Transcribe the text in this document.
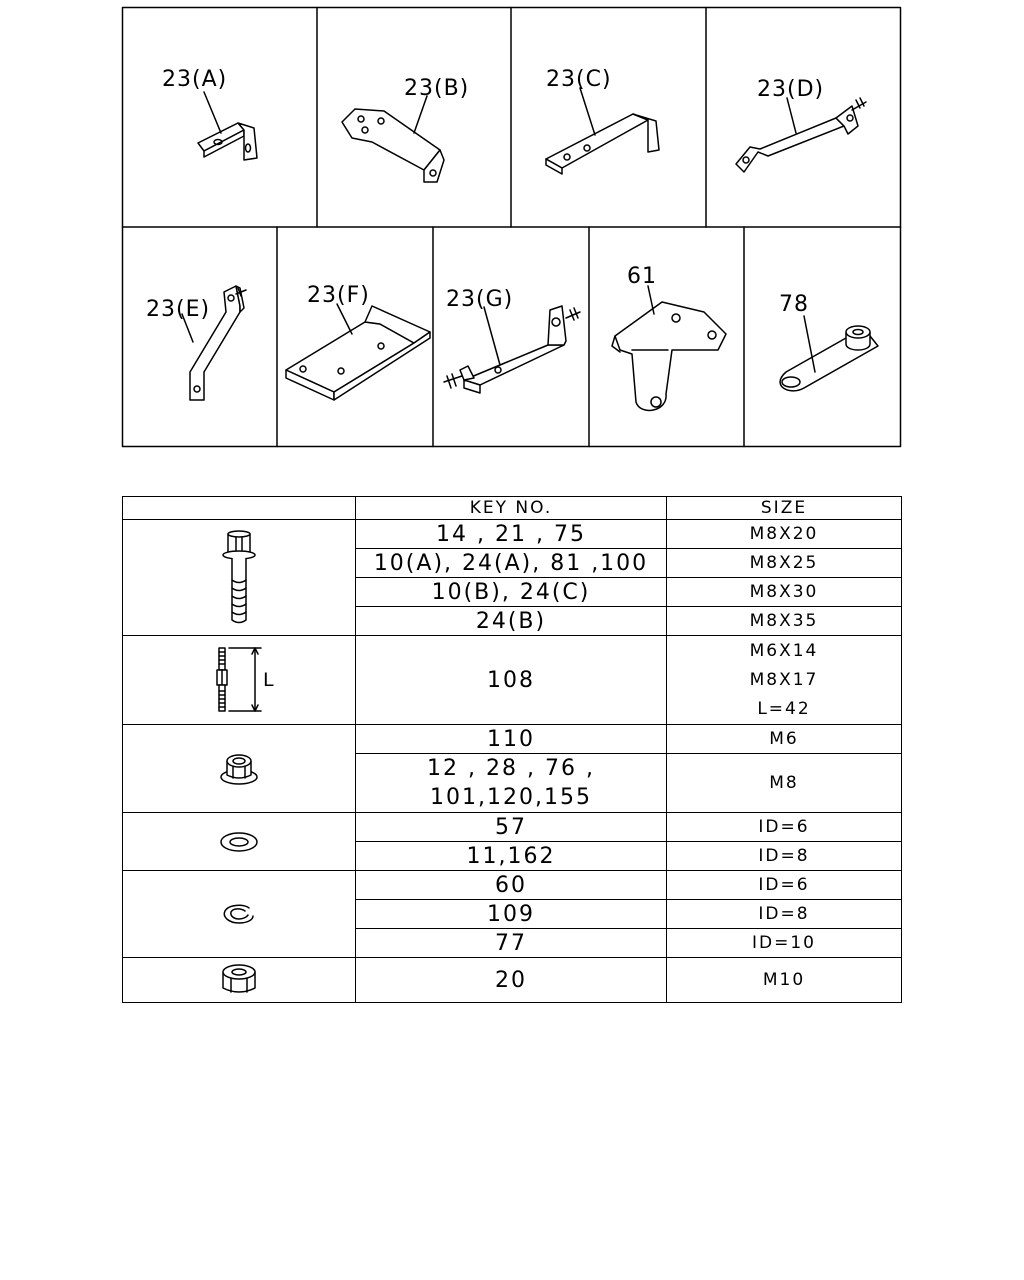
23(A)	23(B)	23(C)	23(D)
23(E)
23(F)	23(G)
61
78
	KEY NO.	SIZE

	14 , 21 , 75	M8X20
	10(A), 24(A), 81 ,100	M8X25
	10(B), 24(C)	M8X30
	24(B)	M8X35

L	108	M6X14
M8X17
L=42

	110	M6

	12 , 28 , 76 ,
101,120,155	M8

	57	ID=6
	11,162	ID=8

	60	ID=6
	109	ID=8
	77	ID=10

	20	M10
